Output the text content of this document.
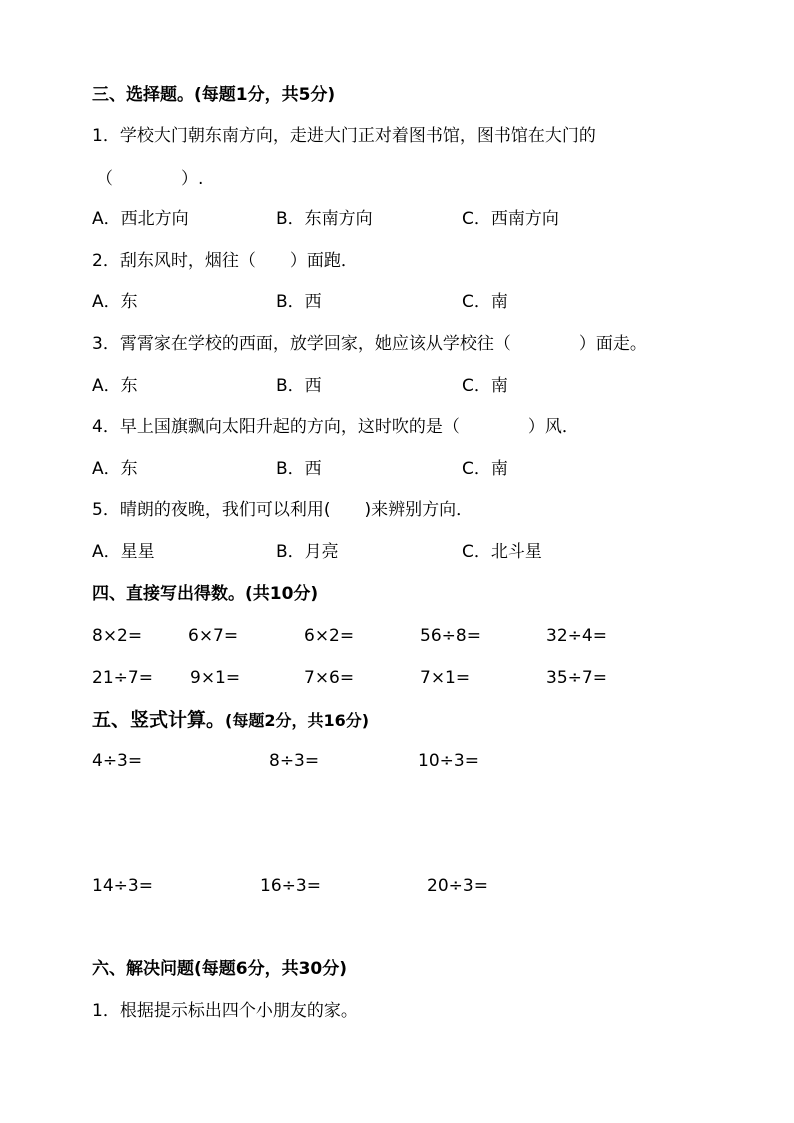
三、选择题。(每题1分，共5分)
1．学校大门朝东南方向，走进大门正对着图书馆，图书馆在大门的
（　　　　）.
A．西北方向	B．东南方向	C．西南方向
2．刮东风时，烟往（　　）面跑．
A．东	B．西	C．南
3．霄霄家在学校的西面，放学回家，她应该从学校往（　　　　）面走。
A．东	B．西	C．南
4．早上国旗飘向太阳升起的方向，这时吹的是（　　　　）风．
A．东	B．西	C．南
5．晴朗的夜晚，我们可以利用(　　)来辨别方向．
A．星星	B．月亮	C．北斗星
四、直接写出得数。(共10分)
8×2=	6×7=	6×2=	56÷8=	32÷4=
21÷7= 9×1=	7×6=	7×1=	35÷7=
五、竖式计算。(每题2分，共16分)
4÷3=	8÷3=	10÷3=
14÷3=	16÷3=	20÷3=
六、解决问题(每题6分，共30分)
1．根据提示标出四个小朋友的家。
